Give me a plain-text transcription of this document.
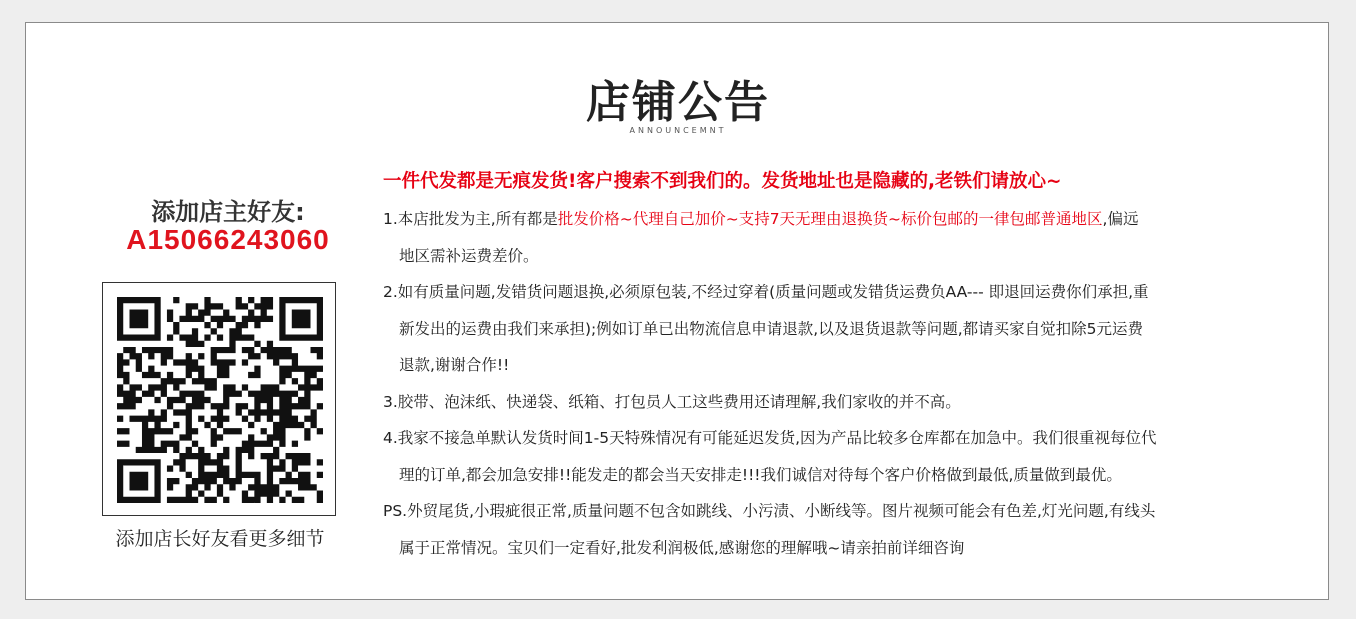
店铺公告
ANNOUNCEMNT
添加店主好友:
A15066243060
添加店长好友看更多细节
一件代发都是无痕发货!客户搜索不到我们的。发货地址也是隐藏的,老铁们请放心~
1.本店批发为主,所有都是批发价格~代理自己加价~支持7天无理由退换货~标价包邮的一律包邮普通地区,偏远
地区需补运费差价。
2.如有质量问题,发错货问题退换,必须原包装,不经过穿着(质量问题或发错货运费负AA--- 即退回运费你们承担,重
新发出的运费由我们来承担);例如订单已出物流信息申请退款,以及退货退款等问题,都请买家自觉扣除5元运费
退款,谢谢合作!!
3.胶带、泡沫纸、快递袋、纸箱、打包员人工这些费用还请理解,我们家收的并不高。
4.我家不接急单默认发货时间1-5天特殊情况有可能延迟发货,因为产品比较多仓库都在加急中。我们很重视每位代
理的订单,都会加急安排!!能发走的都会当天安排走!!!我们诚信对待每个客户价格做到最低,质量做到最优。
PS.外贸尾货,小瑕疵很正常,质量问题不包含如跳线、小污渍、小断线等。图片视频可能会有色差,灯光问题,有线头
属于正常情况。宝贝们一定看好,批发利润极低,感谢您的理解哦~请亲拍前详细咨询
